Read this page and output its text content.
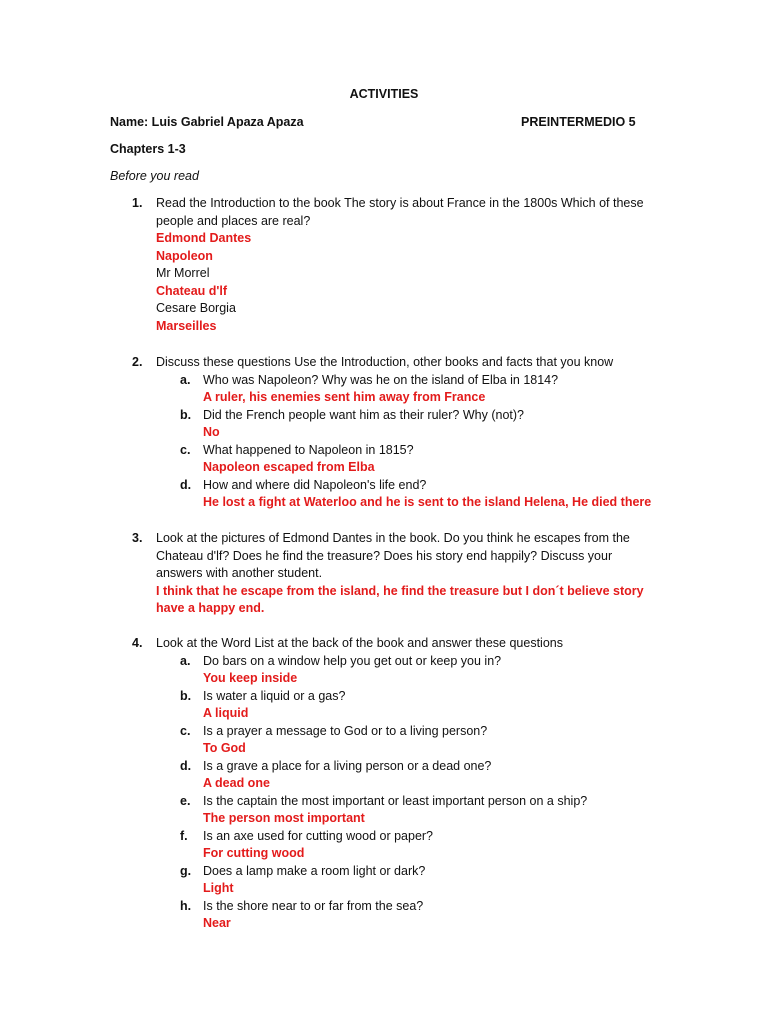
ACTIVITIES
Name: Luis Gabriel Apaza Apaza	PREINTERMEDIO 5
Chapters 1-3
Before you read
1. Read the Introduction to the book The story is about France in the 1800s Which of these people and places are real?
Edmond Dantes
Napoleon
Mr Morrel
Chateau d'lf
Cesare Borgia
Marseilles
2. Discuss these questions Use the Introduction, other books and facts that you know
a. Who was Napoleon? Why was he on the island of Elba in 1814?
A ruler, his enemies sent him away from France
b. Did the French people want him as their ruler? Why (not)?
No
c. What happened to Napoleon in 1815?
Napoleon escaped from Elba
d. How and where did Napoleon's life end?
He lost a fight at Waterloo and he is sent to the island Helena, He died there
3. Look at the pictures of Edmond Dantes in the book. Do you think he escapes from the Chateau d'lf? Does he find the treasure? Does his story end happily? Discuss your answers with another student.
I think that he escape from the island, he find the treasure but I don´t believe story have a happy end.
4. Look at the Word List at the back of the book and answer these questions
a. Do bars on a window help you get out or keep you in?
You keep inside
b. Is water a liquid or a gas?
A liquid
c. Is a prayer a message to God or to a living person?
To God
d. Is a grave a place for a living person or a dead one?
A dead one
e. Is the captain the most important or least important person on a ship?
The person most important
f. Is an axe used for cutting wood or paper?
For cutting wood
g. Does a lamp make a room light or dark?
Light
h. Is the shore near to or far from the sea?
Near
